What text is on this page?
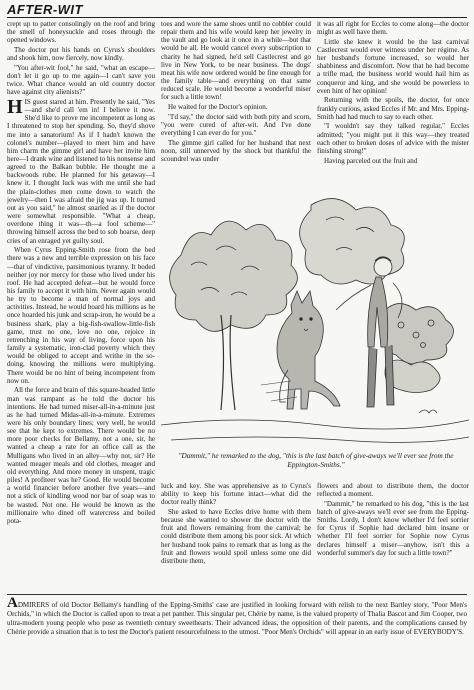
AFTER-WIT

crept up to patter consolingly on the roof and bring the smell of honeysuckle and roses through the opened windows.

The doctor put his hands on Cyrus's shoulders and shook him, now fiercely, now kindly.

"You after-wit fool," he said, "what an escape—don't let it go up to me again—I can't save you twice. What chance would an old country doctor have against city alienists?"

HIS guest stared at him. Presently he said, "Yes—and she'd call 'em in! I believe it now. She'd like to prove me incompetent as long as I threatened to stop her spending. So, they'd shove me into a sanatorium! As if I hadn't known the colonel's number—played to meet him and have him charm the gimme girl and have her invite him here—I drank wine and listened to his nonsense and agreed to the Balkan bubble. He thought me a backwoods rube. He planned for his getaway—I knew it. I thought luck was with me until she had the plain-clothes men come down to watch the jewelry—then I was afraid the jig was up. It turned out as you said," he almost snarled as if the doctor were somewhat responsible. "What a cheap, overdone thing it was—th—a fool scheme—" throwing himself across the bed to sob hoarse, deep cries of an enraged yet guilty soul.

When Cyrus Epping-Smith rose from the bed there was a new and terrible expression on his face—that of vindictive, parsimonious tyranny. It boded neither joy nor mercy for those who lived under his roof. He had accepted defeat—but he would force his family to accept it with him. Never again would he try to become a man of normal joys and activities. Instead, he would hoard his millions as he once hoarded his junk and scrap-iron, he would be a business shark, play a big-fish-swallow-little-fish game, trust no one, love no one, rejoice in retrenching in his way of living, force upon his family a systematic, iron-clad poverty which they would be obliged to accept and writhe in the so-doing, knowing the millions were multiplying. There would be no hint of being incompetent from now on.

All the force and brain of this square-headed little man was rampant as he told the doctor his intentions. He had turned miser-all-in-a-minute just as he had turned Midas-all-in-a-minute. Extremes were his only boundary lines; very well, he would see that he kept to extremes. There would be no more poor checks for Bellamy, not a one, sir, he wanted a cheap a rate for an office call as the Mulligans who lived in an alley—why not, sir? He wanted meager meals and old clothes, meager and old everything. And more money in unspent, tragic piles! A profiteer was he? Good. He would become a world financier before another five years—and not a stick of kindling wood nor bar of soap was to be wasted. Not one. He would be known as the millionaire who dined off watercress and boiled pota-

toes and wore the same shoes until no cobbler could repair them and his wife would keep her jewelry in the vault and go look at it once in a while—but that would be all. He would cancel every subscription to charity he had signed, he'd sell Castlecrest and go live in New York, to be near business. The dogs' meat his wife now ordered would be fine enough for the family table—and everything on that same reduced scale. He would become a wonderful miser for such a little town!

He waited for the Doctor's opinion.

"I'd say," the doctor said with both pity and scorn, "you were cured of after-wit. And I've done everything I can ever do for you."

The gimme girl called for her husband that next noon, still unnerved by the shock but thankful the scoundrel was under

it was all right for Eccles to come along—the doctor might as well have them.

Little she knew it would be the last carnival Castlecrest would ever witness under her régime. As her husband's fortune increased, so would her shabbiness and discomfort. Now that he had become a trifle mad, the business world would hail him as conqueror and king, and she would be powerless to even hint of her opinion!

Returning with the spoils, the doctor, for once frankly curious, asked Eccles if Mr. and Mrs. Epping-Smith had had much to say to each other.

"I wouldn't say they talked regular," Eccles admitted; "you might put it this way—they treated each other to broken doses of advice with the mister finishing strong!"

Having parceled out the fruit and

"Dammit," he remarked to the dog, "this is the last batch of give-aways we'll ever see from the Eppington-Smiths."

luck and key. She was apprehensive as to Cyrus's ability to keep his fortune intact—what did the doctor really think?

She asked to have Eccles drive home with them because she wanted to shower the doctor with the fruit and flowers remaining from the carnival; he could distribute them among his poor sick. At which her husband took pains to remark that as long as the fruit and flowers would spoil unless some one did distribute them,

flowers and about to distribute them, the doctor reflected a moment.

"Dammit," he remarked to his dog, "this is the last batch of give-aways we'll ever see from the Epping-Smiths. Lordy, I don't know whether I'd feel sorrier for Cyrus if Sophie had declared him insane or whether I'll feel sorrier for Sophie now Cyrus declares himself a miser—anyhow, isn't this a wonderful summer's day for such a little town?"

ADMIRERS of old Doctor Bellamy's handling of the Epping-Smiths' case are justified in looking forward with relish to the next Bartley story, "Poor Men's Orchids," in which the Doctor is called upon to treat a pet panther. This singular pet, Chérie by name, is the valued property of Thalia Bascot and Jim Cooper, two ultra-modern young people who pose as twentieth century sweethearts. Their advanced ideas, the opposition of their parents, and the complications caused by Chérie provide a situation that is to test the Doctor's patient resourcefulness to the utmost. "Poor Men's Orchids" will appear in an early issue of EVERYBODY'S.
